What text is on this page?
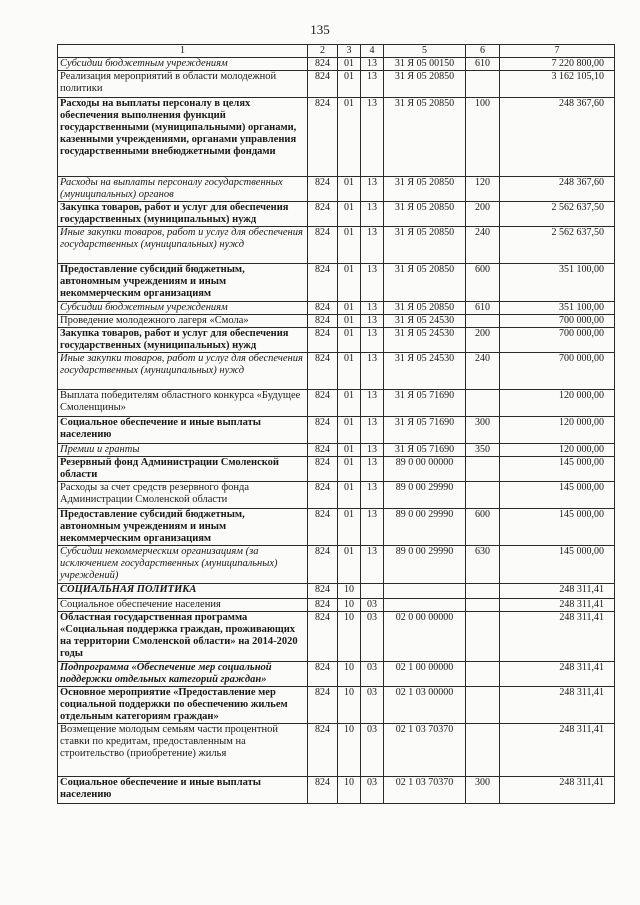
135
1	2	3	4	5	6	7
Субсидии бюджетным учреждениям	824	01	13	31 Я 05 00150	610	7 220 800,00
Реализация мероприятий в области молодежной политики	824	01	13	31 Я 05 20850		3 162 105,10
Расходы на выплаты персоналу в целях обеспечения выполнения функций государственными (муниципальными) органами, казенными учреждениями, органами управления государственными внебюджетными фондами	824	01	13	31 Я 05 20850	100	248 367,60
Расходы на выплаты персоналу государственных (муниципальных) органов	824	01	13	31 Я 05 20850	120	248 367,60
Закупка товаров, работ и услуг для обеспечения государственных (муниципальных) нужд	824	01	13	31 Я 05 20850	200	2 562 637,50
Иные закупки товаров, работ и услуг для обеспечения государственных (муниципальных) нужд	824	01	13	31 Я 05 20850	240	2 562 637,50
Предоставление субсидий бюджетным, автономным учреждениям и иным некоммерческим организациям	824	01	13	31 Я 05 20850	600	351 100,00
Субсидии бюджетным учреждениям	824	01	13	31 Я 05 20850	610	351 100,00
Проведение молодежного лагеря «Смола»	824	01	13	31 Я 05 24530		700 000,00
Закупка товаров, работ и услуг для обеспечения государственных (муниципальных) нужд	824	01	13	31 Я 05 24530	200	700 000,00
Иные закупки товаров, работ и услуг для обеспечения государственных (муниципальных) нужд	824	01	13	31 Я 05 24530	240	700 000,00
Выплата победителям областного конкурса «Будущее Смоленщины»	824	01	13	31 Я 05 71690		120 000,00
Социальное обеспечение и иные выплаты населению	824	01	13	31 Я 05 71690	300	120 000,00
Премии и гранты	824	01	13	31 Я 05 71690	350	120 000,00
Резервный фонд Администрации Смоленской области	824	01	13	89 0 00 00000		145 000,00
Расходы за счет средств резервного фонда Администрации Смоленской области	824	01	13	89 0 00 29990		145 000,00
Предоставление субсидий бюджетным, автономным учреждениям и иным некоммерческим организациям	824	01	13	89 0 00 29990	600	145 000,00
Субсидии некоммерческим организациям (за исключением государственных (муниципальных) учреждений)	824	01	13	89 0 00 29990	630	145 000,00
СОЦИАЛЬНАЯ ПОЛИТИКА	824	10				248 311,41
Социальное обеспечение населения	824	10	03			248 311,41
Областная государственная программа «Социальная поддержка граждан, проживающих на территории Смоленской области» на 2014-2020 годы	824	10	03	02 0 00 00000		248 311,41
Подпрограмма «Обеспечение мер социальной поддержки отдельных категорий граждан»	824	10	03	02 1 00 00000		248 311,41
Основное мероприятие «Предоставление мер социальной поддержки по обеспечению жильем отдельным категориям граждан»	824	10	03	02 1 03 00000		248 311,41
Возмещение молодым семьям части процентной ставки по кредитам, предоставленным на строительство (приобретение) жилья	824	10	03	02 1 03 70370		248 311,41
Социальное обеспечение и иные выплаты населению	824	10	03	02 1 03 70370	300	248 311,41
